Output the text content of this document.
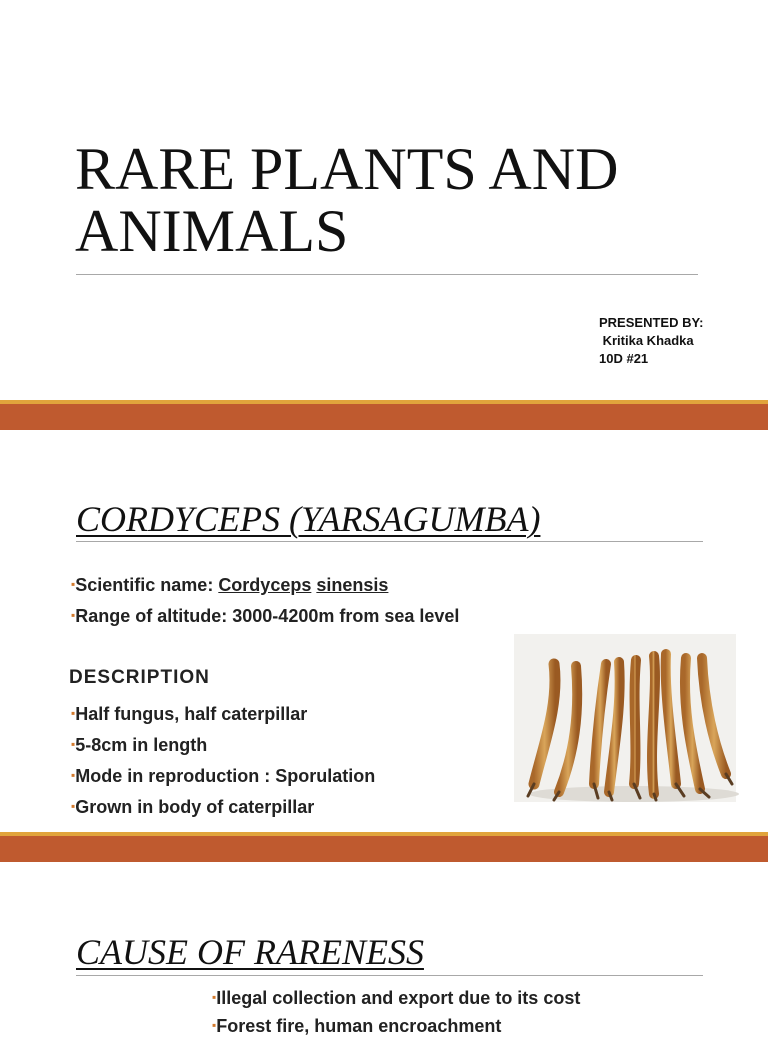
RARE PLANTS AND
ANIMALS
PRESENTED BY:
Kritika Khadka
10D #21
CORDYCEPS (YARSAGUMBA)
▪Scientific name: Cordyceps sinensis
▪Range of altitude: 3000-4200m from sea level
DESCRIPTION
▪Half fungus, half caterpillar
▪5-8cm in length
▪Mode in reproduction : Sporulation
▪Grown in body of caterpillar
CAUSE OF RARENESS
▪Illegal collection and export due to its cost
▪Forest fire, human encroachment
